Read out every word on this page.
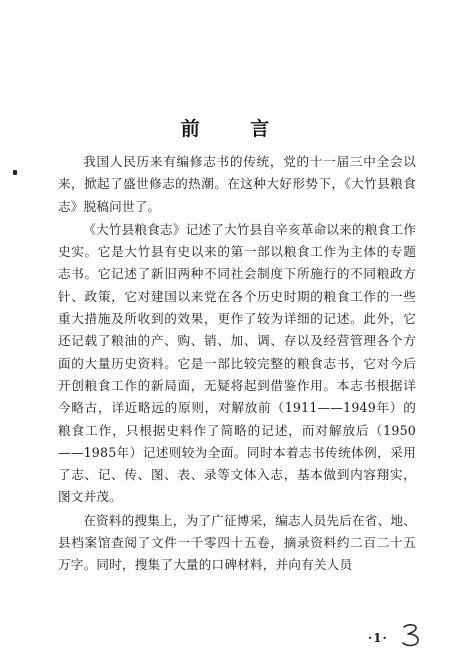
前 言

我国人民历来有编修志书的传统，党的十一届三中全会以来，掀起了盛世修志的热潮。在这种大好形势下，《大竹县粮食志》脱稿问世了。

《大竹县粮食志》记述了大竹县自辛亥革命以来的粮食工作史实。它是大竹县有史以来的第一部以粮食工作为主体的专题志书。它记述了新旧两种不同社会制度下所施行的不同粮政方针、政策，它对建国以来党在各个历史时期的粮食工作的一些重大措施及所收到的效果，更作了较为详细的记述。此外，它还记载了粮油的产、购、销、加、调、存以及经营管理各个方面的大量历史资料。它是一部比较完整的粮食志书，它对今后开创粮食工作的新局面，无疑将起到借鉴作用。本志书根据详今略古，详近略远的原则，对解放前（1911——1949年）的粮食工作，只根据史料作了简略的记述，而对解放后（1950——1985年）记述则较为全面。同时本着志书传统体例，采用了志、记、传、图、表、录等文体入志，基本做到内容翔实，图文并茂。

在资料的搜集上，为了广征博采，编志人员先后在省、地、县档案馆查阅了文件一千零四十五卷，摘录资料约二百二十五万字。同时，搜集了大量的口碑材料，并向有关人员

·1·
